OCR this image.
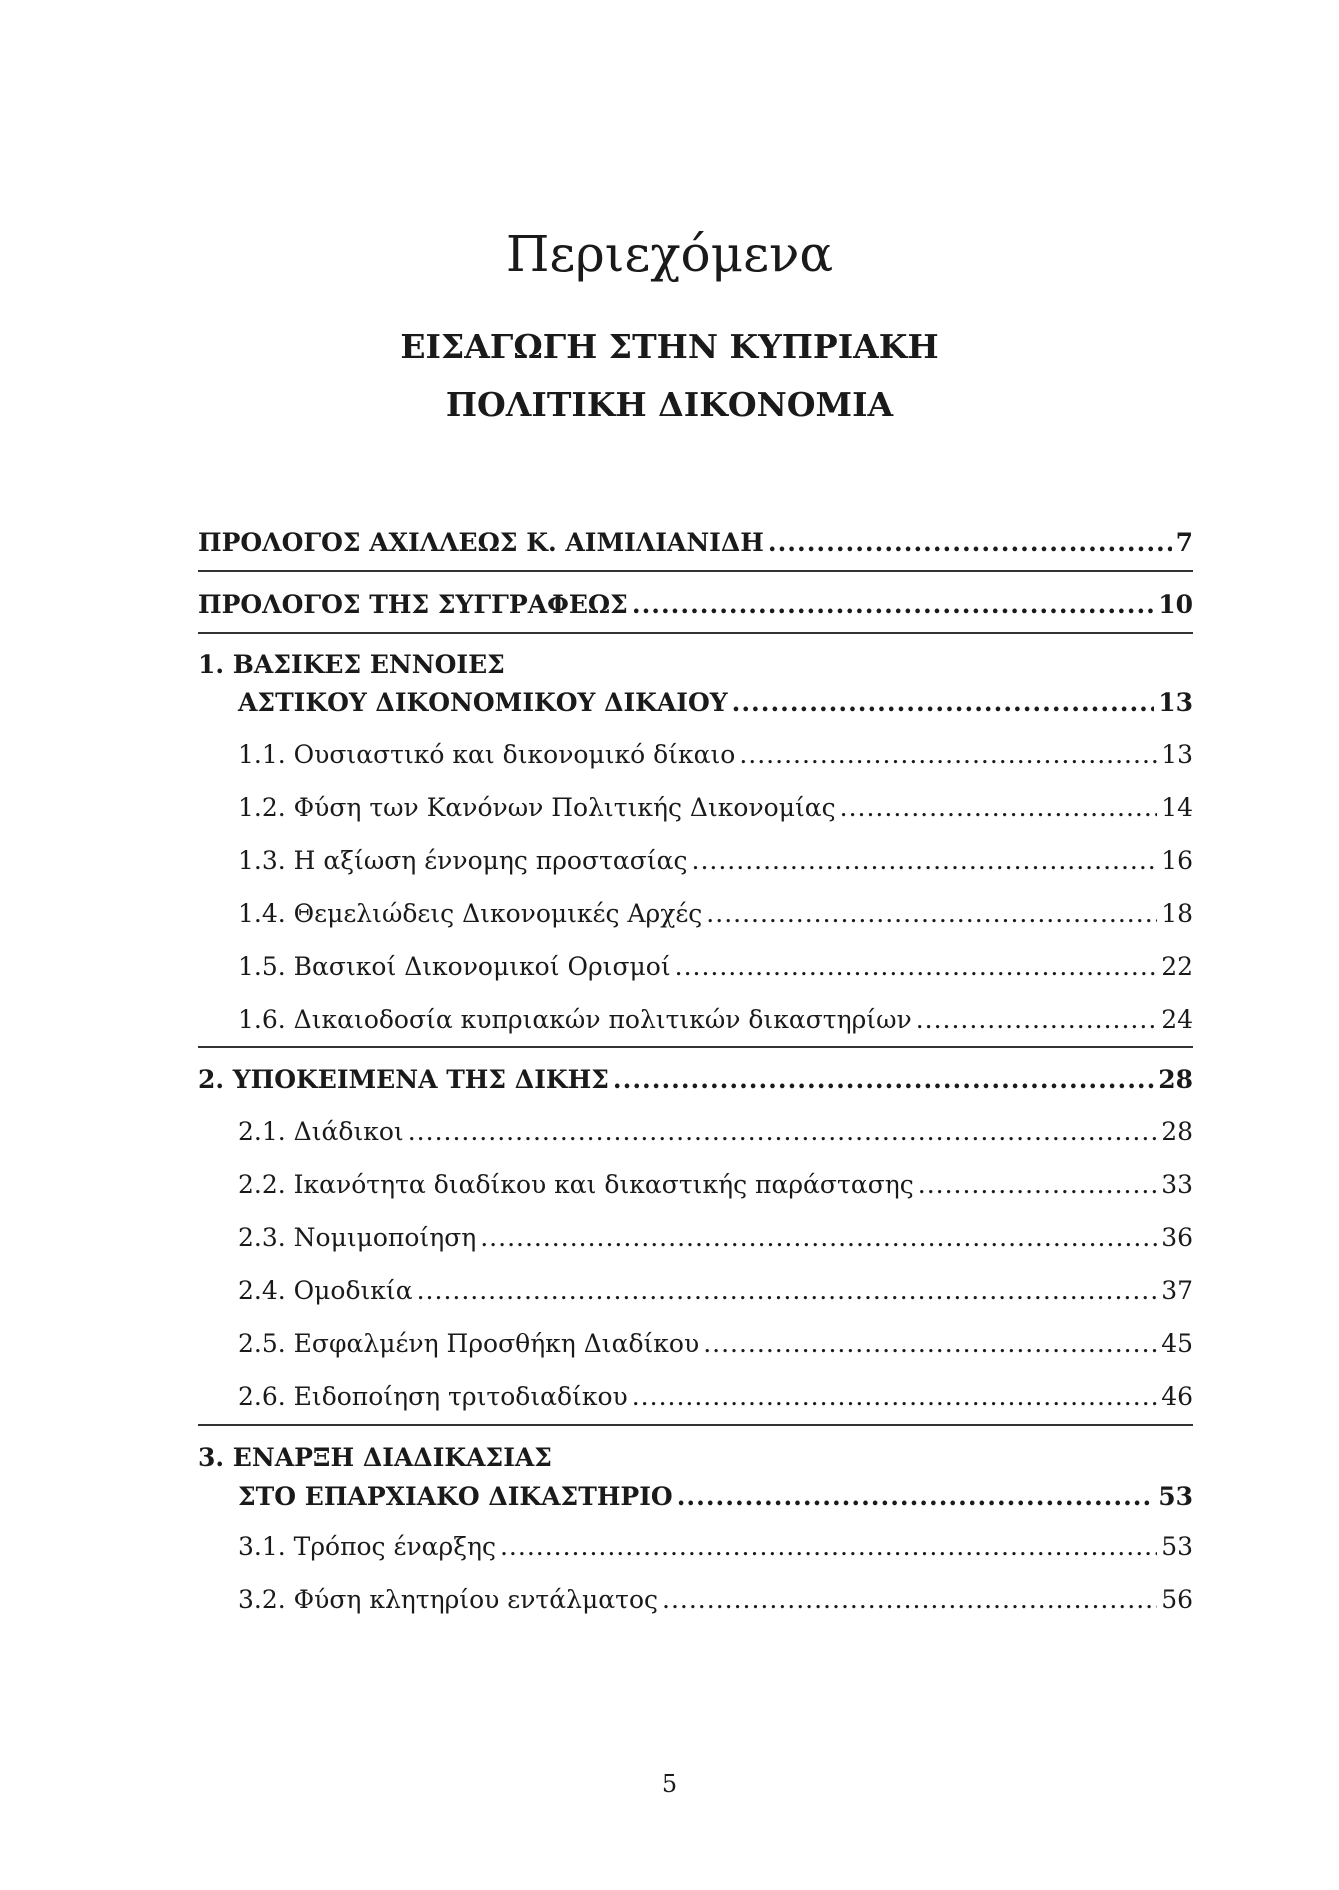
Περιεχόμενα
ΕΙΣΑΓΩΓΗ ΣΤΗΝ ΚΥΠΡΙΑΚΗ
ΠΟΛΙΤΙΚΗ ΔΙΚΟΝΟΜΙΑ
ΠΡΟΛΟΓΟΣ ΑΧΙΛΛΕΩΣ Κ. ΑΙΜΙΛΙΑΝΙΔΗ .....	7
ΠΡΟΛΟΓΟΣ ΤΗΣ ΣΥΓΓΡΑΦΕΩΣ .....	10
1. ΒΑΣΙΚΕΣ ΕΝΝΟΙΕΣ
ΑΣΤΙΚΟΥ ΔΙΚΟΝΟΜΙΚΟΥ ΔΙΚΑΙΟΥ .....	13
1.1. Ουσιαστικό και δικονομικό δίκαιο .....	13
1.2. Φύση των Κανόνων Πολιτικής Δικονομίας .....	14
1.3. Η αξίωση έννομης προστασίας .....	16
1.4. Θεμελιώδεις Δικονομικές Αρχές .....	18
1.5. Βασικοί Δικονομικοί Ορισμοί .....	22
1.6. Δικαιοδοσία κυπριακών πολιτικών δικαστηρίων .....	24
2. ΥΠΟΚΕΙΜΕΝΑ ΤΗΣ ΔΙΚΗΣ .....	28
2.1. Διάδικοι .....	28
2.2. Ικανότητα διαδίκου και δικαστικής παράστασης .....	33
2.3. Νομιμοποίηση .....	36
2.4. Ομοδικία .....	37
2.5. Εσφαλμένη Προσθήκη Διαδίκου .....	45
2.6. Ειδοποίηση τριτοδιαδίκου .....	46
3. ΕΝΑΡΞΗ ΔΙΑΔΙΚΑΣΙΑΣ
ΣΤΟ ΕΠΑΡΧΙΑΚΟ ΔΙΚΑΣΤΗΡΙΟ .....	53
3.1. Τρόπος έναρξης .....	53
3.2. Φύση κλητηρίου εντάλματος .....	56
5
